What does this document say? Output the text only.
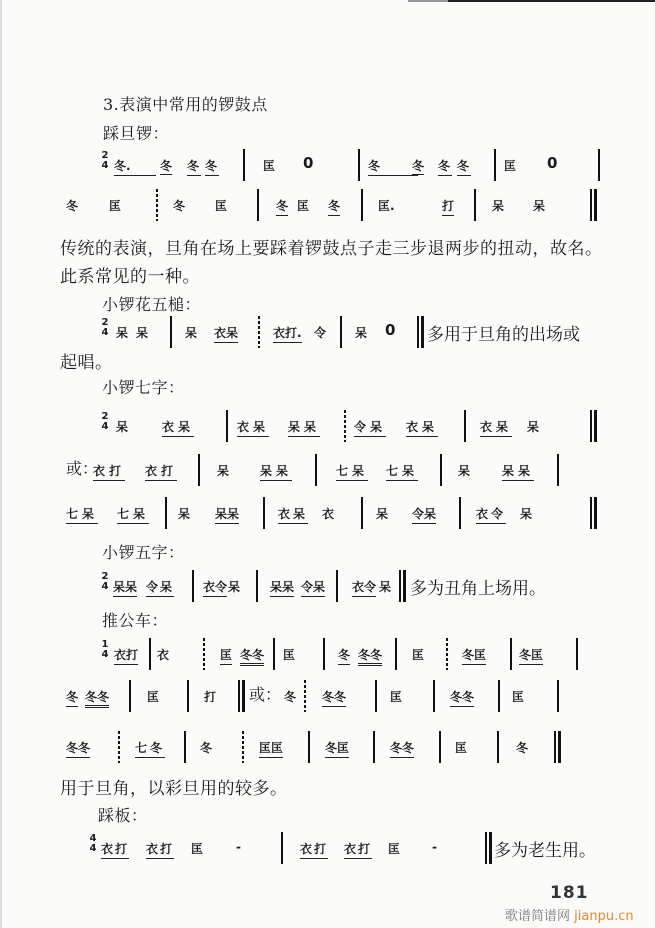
3.表演中常用的锣鼓点
踩旦锣：
2
4 冬.	冬 冬 冬	匡 0	冬	冬 冬 冬	匡 0
冬	匡	冬 匡	冬 匡 冬	匡.	打	呆 呆
传统的表演，旦角在场上要踩着锣鼓点子走三步退两步的扭动，故名。
此系常见的一种。
小锣花五槌：
2
4 呆 呆	呆 衣呆	衣打. 令 呆 0 多用于旦角的出场或
起唱。
小锣七字：
2
4 呆	衣呆	衣呆 呆呆	令呆 衣呆	衣呆 呆
或：
衣打 衣打	呆	呆呆	七呆 七呆	呆	呆呆
七呆 七呆 呆 呆呆	衣呆 衣	呆 令呆	衣令 呆
小锣五字：
2
4 呆呆 令呆 衣令 呆 呆呆 令呆 衣令 呆 多为丑角上场用。
推公车：
1
4 衣打 衣	匡 冬冬 匡	冬 冬冬 匡	冬匡	冬匡
冬 冬冬	匡	打 或： 冬 冬冬	匡	冬冬	匡
冬冬	七冬	冬	匡匡	冬匡	冬冬	匡	冬
用于旦角，以彩旦用的较多。
踩板：
4
4 衣打 衣打 匡	-	衣打 衣打 匡	-	多为老生用。
181
歌谱简谱网 jianpu.cn
